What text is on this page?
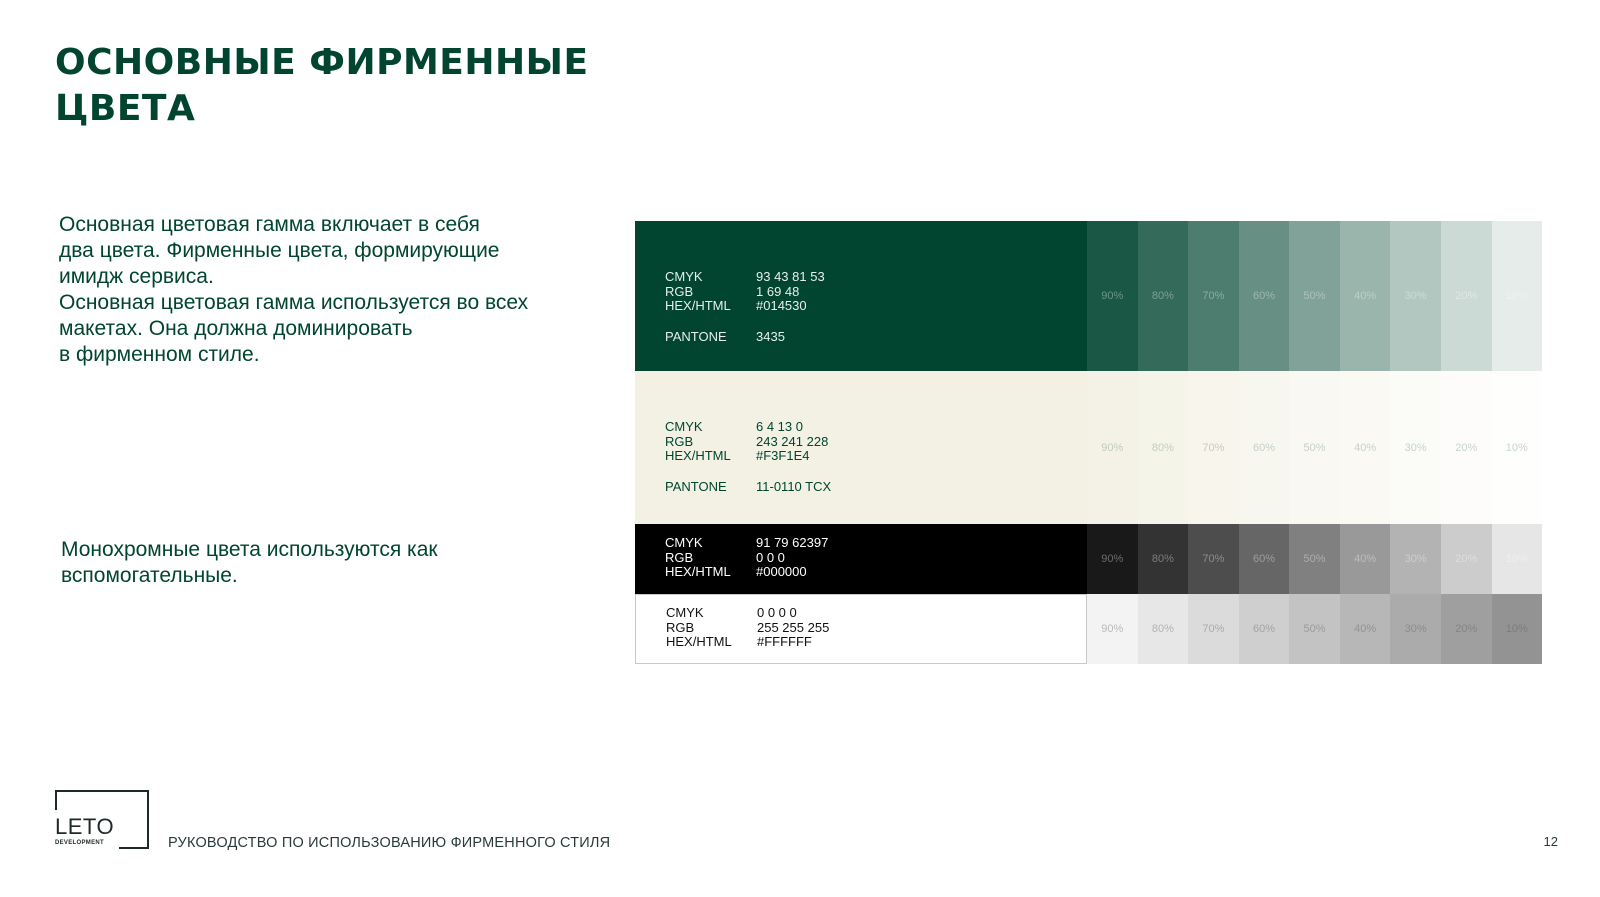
ОСНОВНЫЕ ФИРМЕННЫЕ
ЦВЕТА
Основная цветовая гамма включает в себя
два цвета. Фирменные цвета, формирующие
имидж сервиса.
Основная цветовая гамма используется во всех
макетах. Она должна доминировать
в фирменном стиле.
Монохромные цвета используются как
вспомогательные.
CMYK	93 43 81 53
RGB	1 69 48
HEX/HTML	#014530
PANTONE	3435
90%	80%	70%	60%	50%	40%	30%	20%	10%
CMYK	6 4 13 0
RGB	243 241 228
HEX/HTML	#F3F1E4
PANTONE	11-0110 TCX
90%	80%	70%	60%	50%	40%	30%	20%	10%
CMYK	91 79 62397
RGB	0 0 0
HEX/HTML	#000000
90%	80%	70%	60%	50%	40%	30%	20%	10%
CMYK	0 0 0 0
RGB	255 255 255
HEX/HTML	#FFFFFF
90%	80%	70%	60%	50%	40%	30%	20%	10%
LETO
DEVELOPMENT	РУКОВОДСТВО ПО ИСПОЛЬЗОВАНИЮ ФИРМЕННОГО СТИЛЯ	12
